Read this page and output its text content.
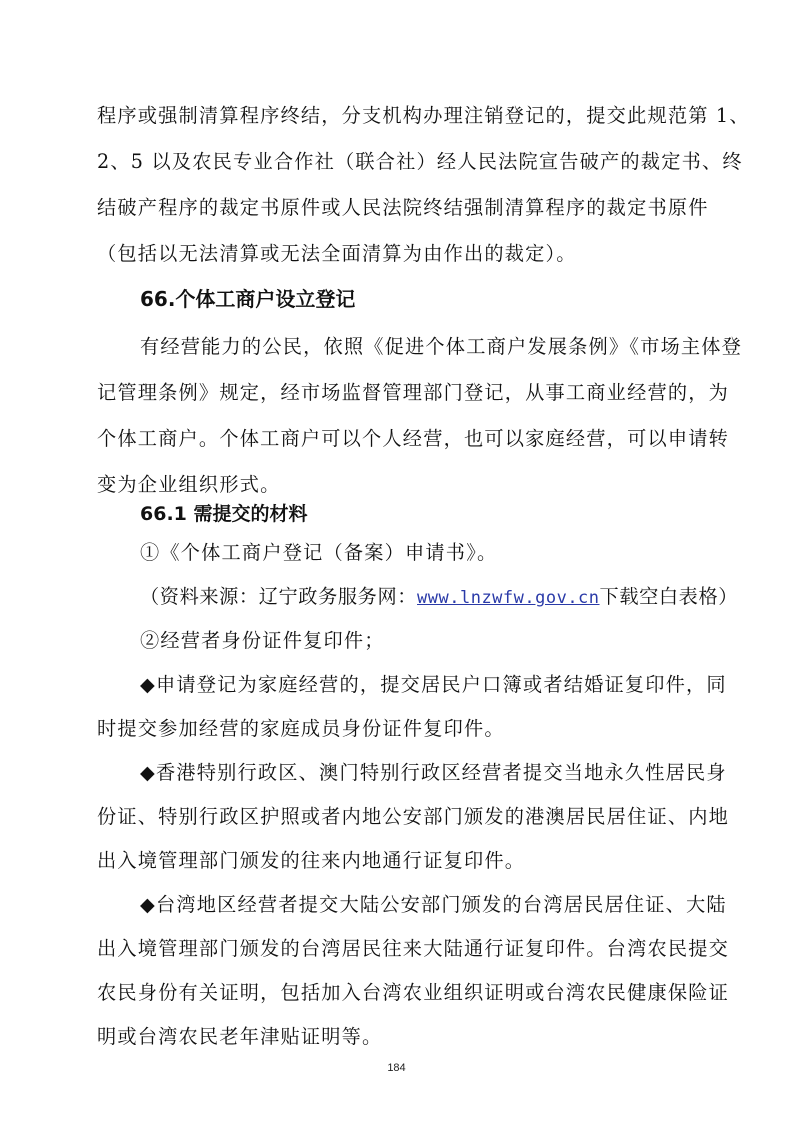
程序或强制清算程序终结，分支机构办理注销登记的，提交此规范第 1、
2、5 以及农民专业合作社（联合社）经人民法院宣告破产的裁定书、终
结破产程序的裁定书原件或人民法院终结强制清算程序的裁定书原件
（包括以无法清算或无法全面清算为由作出的裁定）。
66.个体工商户设立登记
有经营能力的公民，依照《促进个体工商户发展条例》《市场主体登
记管理条例》规定，经市场监督管理部门登记，从事工商业经营的，为
个体工商户。个体工商户可以个人经营，也可以家庭经营，可以申请转
变为企业组织形式。
66.1 需提交的材料
①《个体工商户登记（备案）申请书》。
（资料来源：辽宁政务服务网：www.lnzwfw.gov.cn下载空白表格）
②经营者身份证件复印件；
◆申请登记为家庭经营的，提交居民户口簿或者结婚证复印件，同
时提交参加经营的家庭成员身份证件复印件。
◆香港特别行政区、澳门特别行政区经营者提交当地永久性居民身
份证、特别行政区护照或者内地公安部门颁发的港澳居民居住证、内地
出入境管理部门颁发的往来内地通行证复印件。
◆台湾地区经营者提交大陆公安部门颁发的台湾居民居住证、大陆
出入境管理部门颁发的台湾居民往来大陆通行证复印件。台湾农民提交
农民身份有关证明，包括加入台湾农业组织证明或台湾农民健康保险证
明或台湾农民老年津贴证明等。
184
